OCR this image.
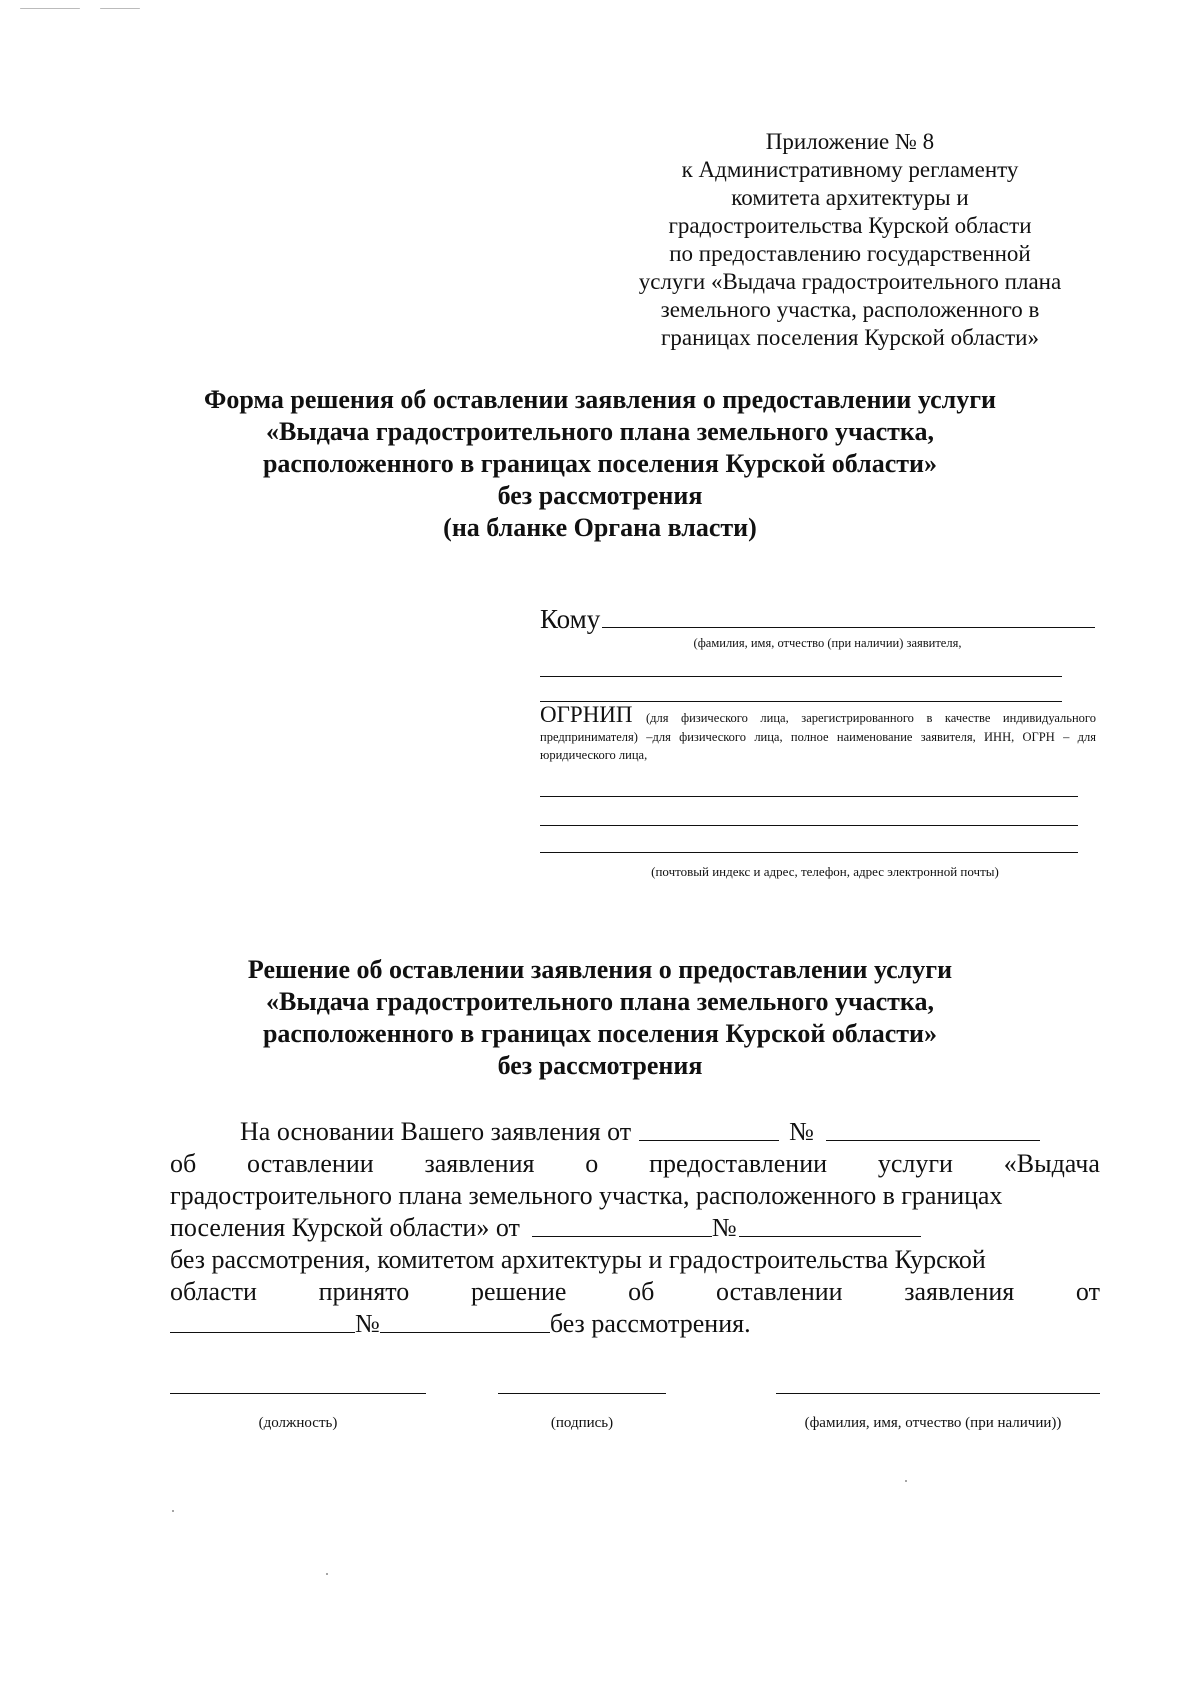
Приложение № 8
к Административному регламенту
комитета архитектуры и
градостроительства Курской области
по предоставлению государственной
услуги «Выдача градостроительного плана
земельного участка, расположенного в
границах поселения Курской области»
Форма решения об оставлении заявления о предоставлении услуги
«Выдача градостроительного плана земельного участка,
расположенного в границах поселения Курской области»
без рассмотрения
(на бланке Органа власти)
Кому
(фамилия, имя, отчество (при наличии) заявителя,
ОГРНИП (для физического лица, зарегистрированного в качестве индивидуального предпринимателя) –для физического лица, полное наименование заявителя, ИНН, ОГРН – для юридического лица,
(почтовый индекс и адрес, телефон, адрес электронной почты)
Решение об оставлении заявления о предоставлении услуги
«Выдача градостроительного плана земельного участка,
расположенного в границах поселения Курской области»
без рассмотрения
На основании Вашего заявления от	№
об оставлении заявления о предоставлении услуги «Выдача
градостроительного плана земельного участка, расположенного в границах
поселения Курской области» от	№
без рассмотрения, комитетом архитектуры и градостроительства Курской
области принято решение об оставлении заявления от
№	без рассмотрения.
(должность)	(подпись)	(фамилия, имя, отчество (при наличии))
